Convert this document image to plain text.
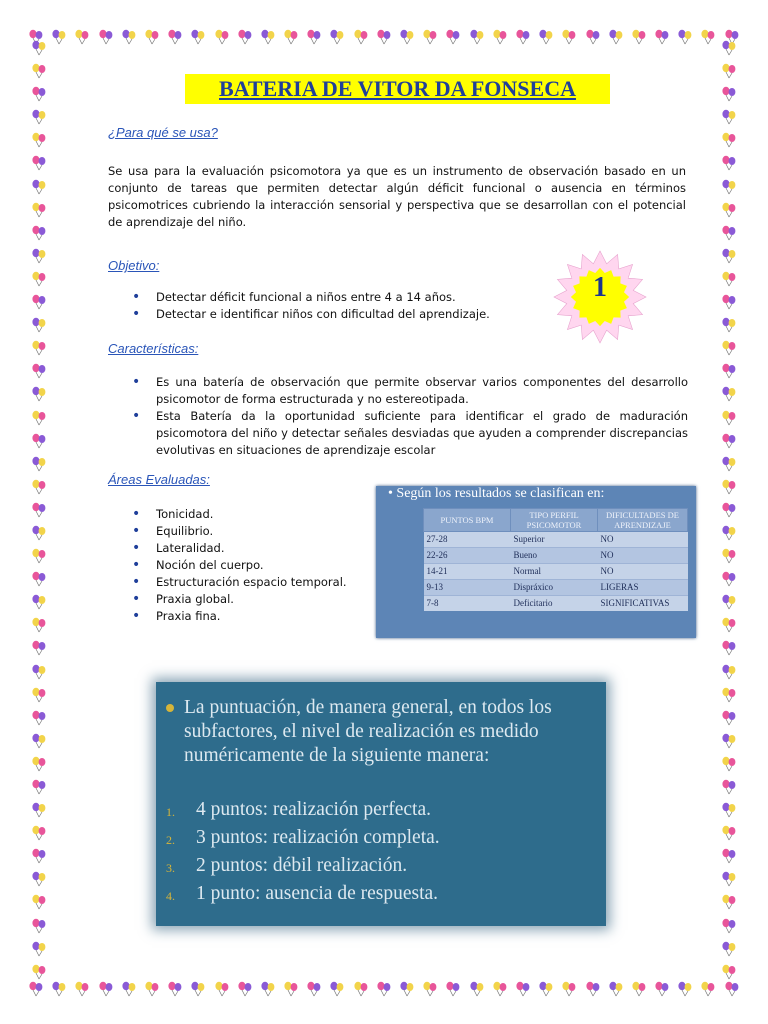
BATERIA DE VITOR DA FONSECA
¿Para qué se usa?
Se usa para la evaluación psicomotora ya que es un instrumento de observación basado en un conjunto de tareas que permiten detectar algún déficit funcional o ausencia en términos psicomotrices cubriendo la interacción sensorial y perspectiva que se desarrollan con el potencial de aprendizaje del niño.
Objetivo:
• Detectar déficit funcional a niños entre 4 a 14 años.
• Detectar e identificar niños con dificultad del aprendizaje.
1
Características:
• Es una batería de observación que permite observar varios componentes del desarrollo psicomotor de forma estructurada y no estereotipada.
• Esta Batería da la oportunidad suficiente para identificar el grado de maduración psicomotora del niño y detectar señales desviadas que ayuden a comprender discrepancias evolutivas en situaciones de aprendizaje escolar
Áreas Evaluadas:
• Tonicidad.
• Equilibrio.
• Lateralidad.
• Noción del cuerpo.
• Estructuración espacio temporal.
• Praxia global.
• Praxia fina.
• Según los resultados se clasifican en:
PUNTOS BPM	TIPO PERFIL PSICOMOTOR	DIFICULTADES DE APRENDIZAJE
27-28	Superior	NO
22-26	Bueno	NO
14-21	Normal	NO
9-13	Dispráxico	LIGERAS
7-8	Deficitario	SIGNIFICATIVAS
La puntuación, de manera general, en todos los subfactores, el nivel de realización es medido numéricamente de la siguiente manera:
1. 4 puntos: realización perfecta.
2. 3 puntos: realización completa.
3. 2 puntos: débil realización.
4. 1 punto: ausencia de respuesta.
